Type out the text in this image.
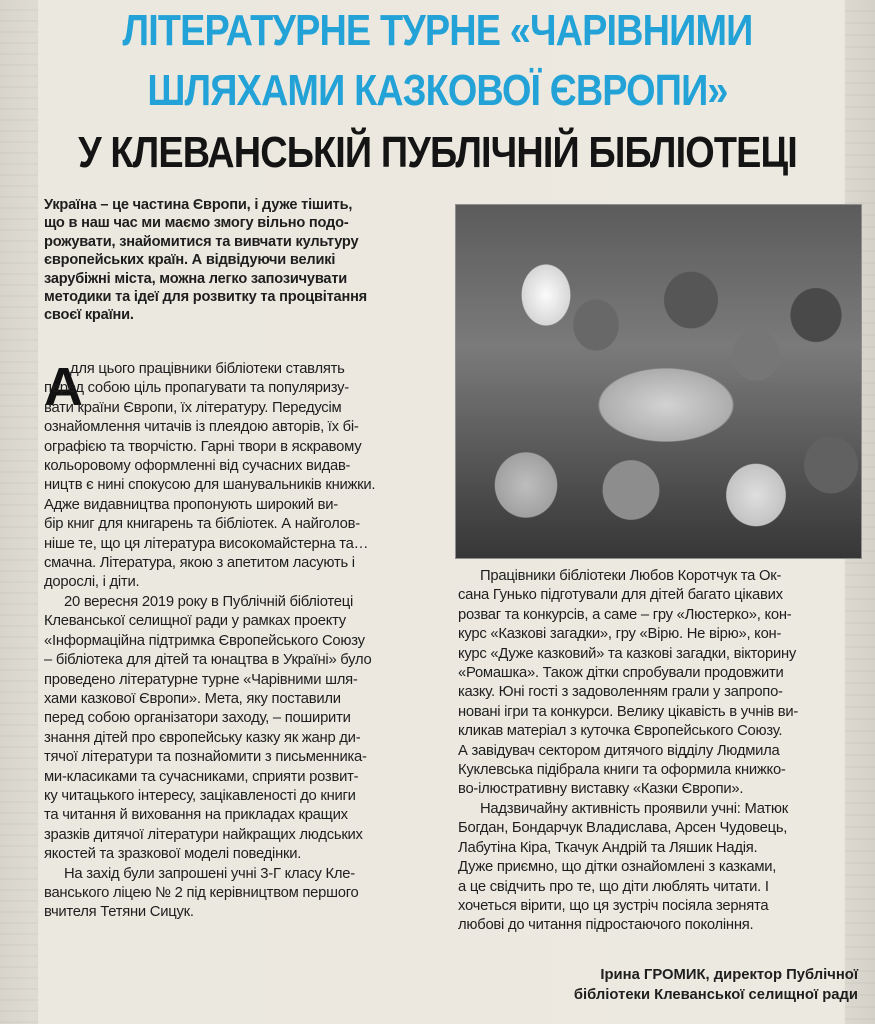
ЛІТЕРАТУРНЕ ТУРНЕ «ЧАРІВНИМИ
ШЛЯХАМИ КАЗКОВОЇ ЄВРОПИ»
У КЛЕВАНСЬКІЙ ПУБЛІЧНІЙ БІБЛІОТЕЦІ
Україна – це частина Європи, і дуже тішить,
що в наш час ми маємо змогу вільно подо-
рожувати, знайомитися та вивчати культуру
європейських країн. А відвідуючи великі
зарубіжні міста, можна легко запозичувати
методики та ідеї для розвитку та процвітання
своєї країни.
А
для цього працівники бібліотеки ставлять
перед собою ціль пропагувати та популяризу-
вати країни Європи, їх літературу. Передусім
ознайомлення читачів із плеядою авторів, їх бі-
ографією та творчістю. Гарні твори в яскравому
кольоровому оформленні від сучасних видав-
ництв є нині спокусою для шанувальників книжки.
Адже видавництва пропонують широкий ви-
бір книг для книгарень та бібліотек. А найголов-
ніше те, що ця література високомайстерна та…
смачна. Література, якою з апетитом ласують і
дорослі, і діти.
20 вересня 2019 року в Публічній бібліотеці
Клеванської селищної ради у рамках проекту
«Інформаційна підтримка Європейського Союзу
– бібліотека для дітей та юнацтва в Україні» було
проведено літературне турне «Чарівними шля-
хами казкової Європи». Мета, яку поставили
перед собою організатори заходу, – поширити
знання дітей про європейську казку як жанр ди-
тячої літератури та познайомити з письменника-
ми-класиками та сучасниками, сприяти розвит-
ку читацького інтересу, зацікавленості до книги
та читання й виховання на прикладах кращих
зразків дитячої літератури найкращих людських
якостей та зразкової моделі поведінки.
На захід були запрошені учні 3-Г класу Кле-
ванського ліцею № 2 під керівництвом першого
вчителя Тетяни Сицук.
Працівники бібліотеки Любов Коротчук та Ок-
сана Гунько підготували для дітей багато цікавих
розваг та конкурсів, а саме – гру «Люстерко», кон-
курс «Казкові загадки», гру «Вірю. Не вірю», кон-
курс «Дуже казковий» та казкові загадки, вікторину
«Ромашка». Також дітки спробували продовжити
казку. Юні гості з задоволенням грали у запропо-
новані ігри та конкурси. Велику цікавість в учнів ви-
кликав матеріал з куточка Європейського Союзу.
А завідувач сектором дитячого відділу Людмила
Куклевська підібрала книги та оформила книжко-
во-ілюстративну виставку «Казки Європи».
Надзвичайну активність проявили учні: Матюк
Богдан, Бондарчук Владислава, Арсен Чудовець,
Лабутіна Кіра, Ткачук Андрій та Ляшик Надія.
Дуже приємно, що дітки ознайомлені з казками,
а це свідчить про те, що діти люблять читати. І
хочеться вірити, що ця зустріч посіяла зернята
любові до читання підростаючого покоління.
Ірина ГРОМИК, директор Публічної
бібліотеки Клеванської селищної ради
